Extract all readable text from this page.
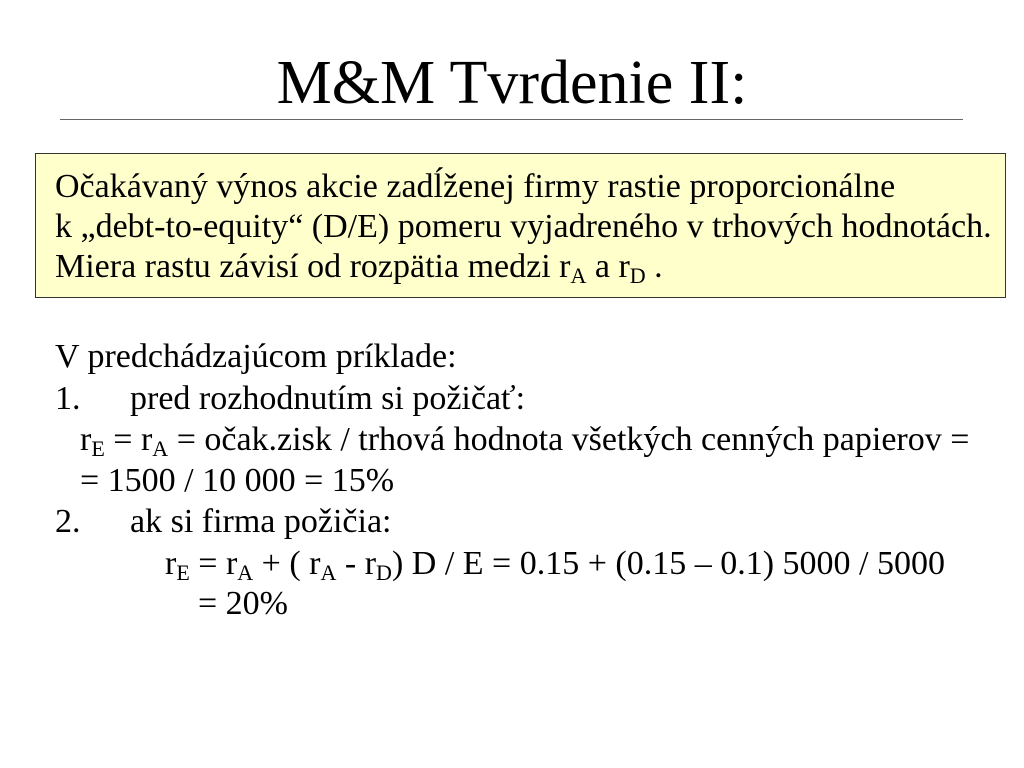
M&M Tvrdenie II:
Očakávaný výnos akcie zadĺženej firmy rastie proporcionálne
k „debt-to-equity“ (D/E) pomeru vyjadreného v trhových hodnotách.
Miera rastu závisí od rozpätia medzi rA a rD .
V predchádzajúcom príklade:
1. pred rozhodnutím si požičať:
rE = rA = očak.zisk / trhová hodnota všetkých cenných papierov =
= 1500 / 10 000 = 15%
2. ak si firma požičia:
rE = rA + ( rA - rD) D / E = 0.15 + (0.15 – 0.1) 5000 / 5000
= 20%
